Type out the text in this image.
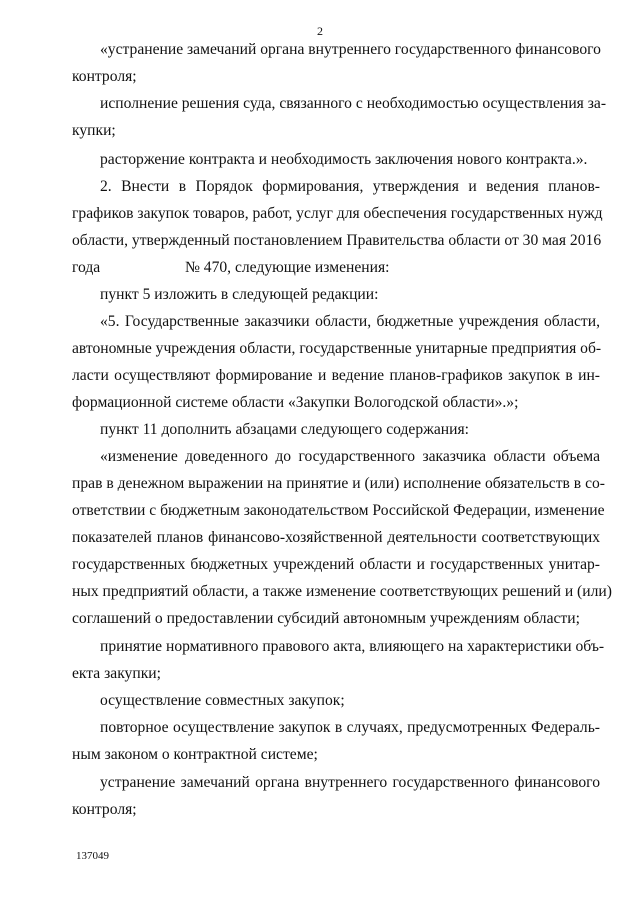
2
«устранение замечаний органа внутреннего государственного финансового
контроля;
исполнение решения суда, связанного с необходимостью осуществления за-
купки;
расторжение контракта и необходимость заключения нового контракта.».
2. Внести в Порядок формирования, утверждения и ведения планов-
графиков закупок товаров, работ, услуг для обеспечения государственных нужд
области, утвержденный постановлением Правительства области от 30 мая 2016
года	№ 470, следующие изменения:
пункт 5 изложить в следующей редакции:
«5. Государственные заказчики области, бюджетные учреждения области,
автономные учреждения области, государственные унитарные предприятия об-
ласти осуществляют формирование и ведение планов-графиков закупок в ин-
формационной системе области «Закупки Вологодской области».»;
пункт 11 дополнить абзацами следующего содержания:
«изменение доведенного до государственного заказчика области объема
прав в денежном выражении на принятие и (или) исполнение обязательств в со-
ответствии с бюджетным законодательством Российской Федерации, изменение
показателей планов финансово-хозяйственной деятельности соответствующих
государственных бюджетных учреждений области и государственных унитар-
ных предприятий области, а также изменение соответствующих решений и (или)
соглашений о предоставлении субсидий автономным учреждениям области;
принятие нормативного правового акта, влияющего на характеристики объ-
екта закупки;
осуществление совместных закупок;
повторное осуществление закупок в случаях, предусмотренных Федераль-
ным законом о контрактной системе;
устранение замечаний органа внутреннего государственного финансового
контроля;
137049
